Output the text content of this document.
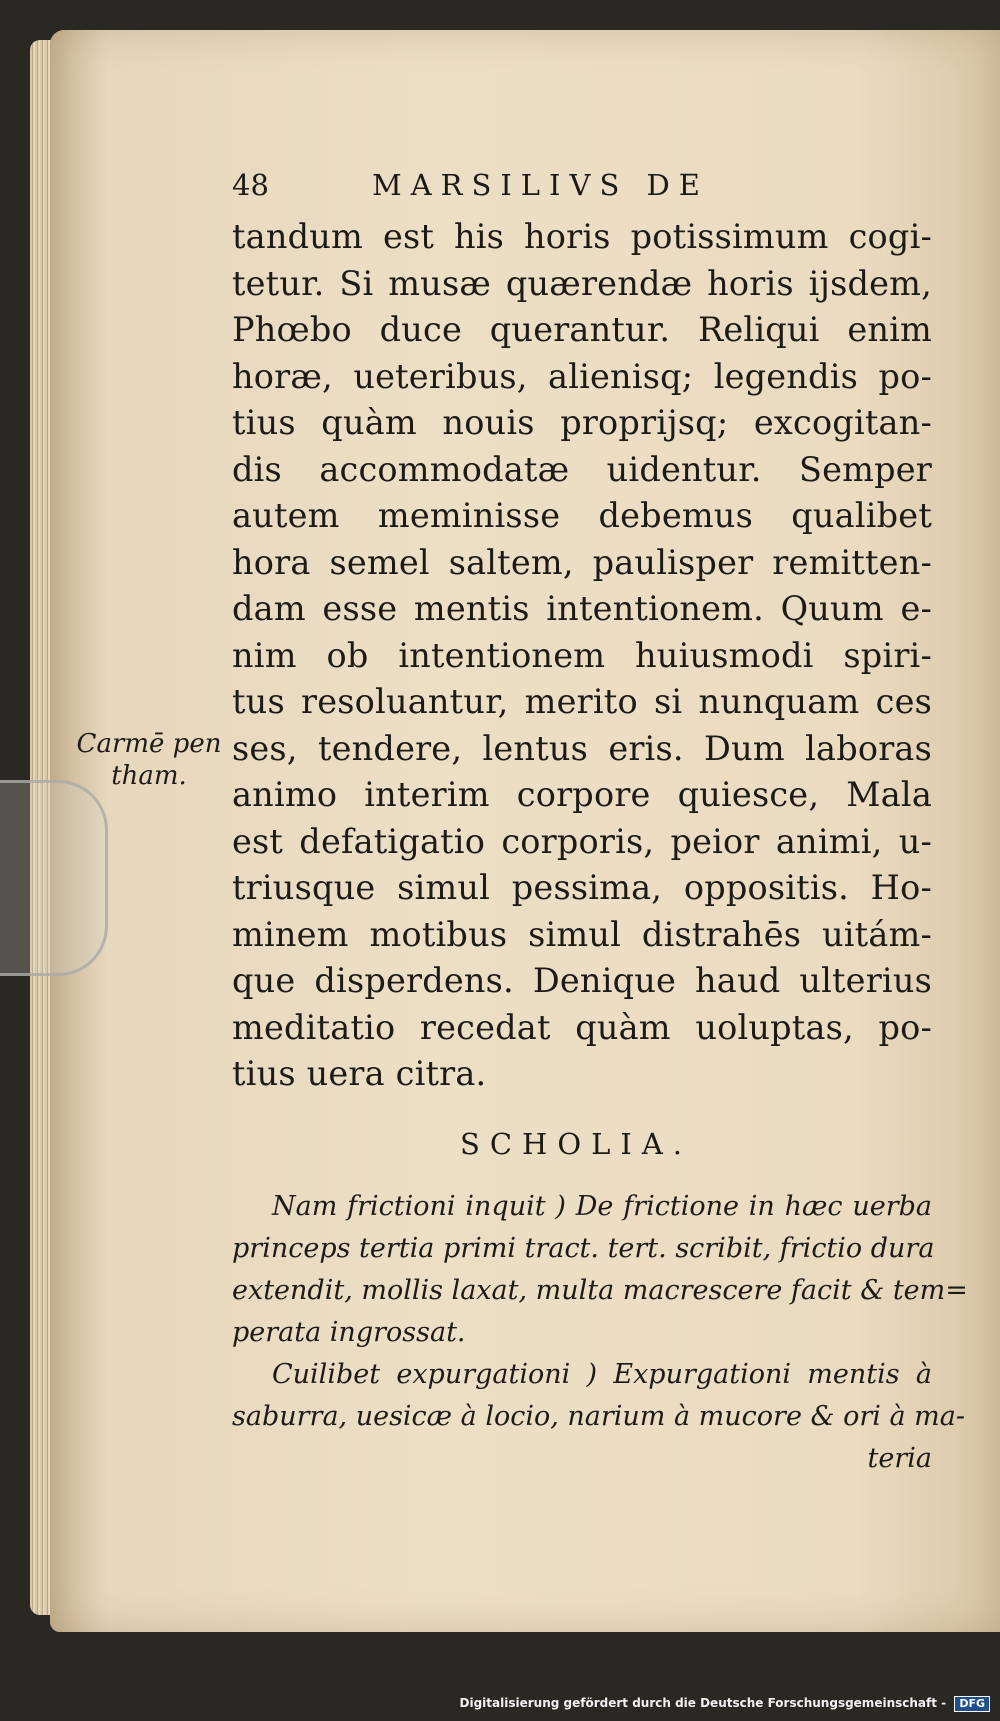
48	MARSILIVS DE
tandum est his horis potissimum cogi-
tetur. Si musæ quærendæ horis ijsdem,
Phœbo duce querantur. Reliqui enim
horæ, ueteribus, alienisq; legendis po-
tius quàm nouis proprijsq; excogitan-
dis accommodatæ uidentur. Semper
autem meminisse debemus qualibet
hora semel saltem, paulisper remitten-
dam esse mentis intentionem. Quum e-
nim ob intentionem huiusmodi spiri-
tus resoluantur, merito si nunquam ces
ses, tendere, lentus eris. Dum laboras
animo interim corpore quiesce, Mala
est defatigatio corporis, peior animi, u-
triusque simul pessima, oppositis. Ho-
minem motibus simul distrahēs uitám-
que disperdens. Denique haud ulterius
meditatio recedat quàm uoluptas, po-
tius uera citra.
Carmē pen
tham.
SCHOLIA.
Nam frictioni inquit ) De frictione in hæc uerba
princeps tertia primi tract. tert. scribit, frictio dura
extendit, mollis laxat, multa macrescere facit & tem=
perata ingrossat.
Cuilibet expurgationi ) Expurgationi mentis à
saburra, uesicæ à locio, narium à mucore & ori à ma-
teria
Digitalisierung gefördert durch die Deutsche Forschungsgemeinschaft - DFG
